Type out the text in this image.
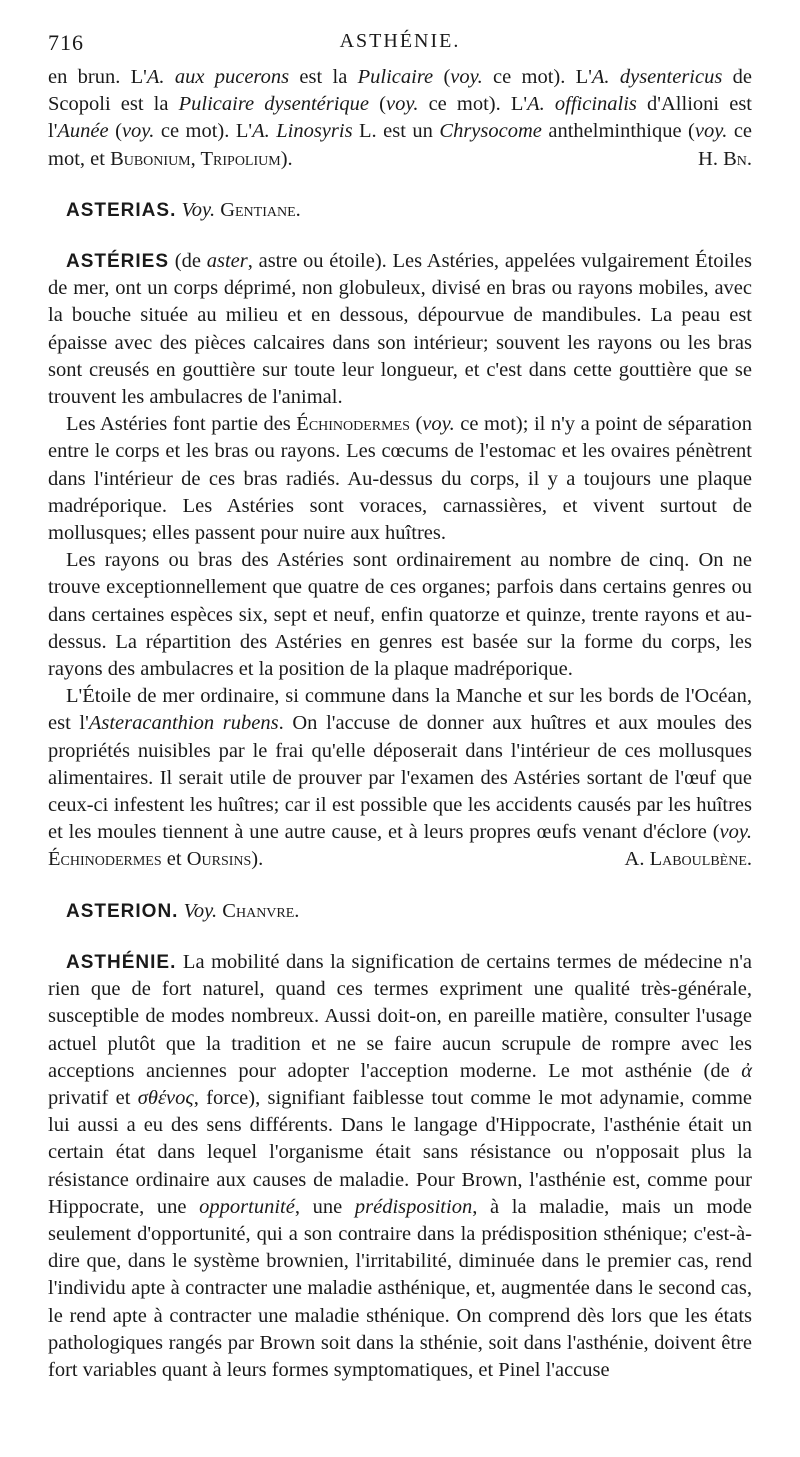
716	ASTHÉNIE.

en brun. L'A. aux pucerons est la Pulicaire (voy. ce mot). L'A. dysentericus de Scopoli est la Pulicaire dysentérique (voy. ce mot). L'A. officinalis d'Allioni est l'Aunée (voy. ce mot). L'A. Linosyris L. est un Chrysocome anthelminthique (voy. ce mot, et Bubonium, Tripolium).	H. Bn.

ASTERIAS. Voy. Gentiane.

ASTÉRIES (de aster, astre ou étoile). Les Astéries, appelées vulgairement Étoiles de mer, ont un corps déprimé, non globuleux, divisé en bras ou rayons mobiles, avec la bouche située au milieu et en dessous, dépourvue de mandibules. La peau est épaisse avec des pièces calcaires dans son intérieur; souvent les rayons ou les bras sont creusés en gouttière sur toute leur longueur, et c'est dans cette gouttière que se trouvent les ambulacres de l'animal.

Les Astéries font partie des Échinodermes (voy. ce mot); il n'y a point de séparation entre le corps et les bras ou rayons. Les cœcums de l'estomac et les ovaires pénètrent dans l'intérieur de ces bras radiés. Au-dessus du corps, il y a toujours une plaque madréporique. Les Astéries sont voraces, carnassières, et vivent surtout de mollusques; elles passent pour nuire aux huîtres.

Les rayons ou bras des Astéries sont ordinairement au nombre de cinq. On ne trouve exceptionnellement que quatre de ces organes; parfois dans certains genres ou dans certaines espèces six, sept et neuf, enfin quatorze et quinze, trente rayons et au-dessus. La répartition des Astéries en genres est basée sur la forme du corps, les rayons des ambulacres et la position de la plaque madréporique.

L'Étoile de mer ordinaire, si commune dans la Manche et sur les bords de l'Océan, est l'Asteracanthion rubens. On l'accuse de donner aux huîtres et aux moules des propriétés nuisibles par le frai qu'elle déposerait dans l'intérieur de ces mollusques alimentaires. Il serait utile de prouver par l'examen des Astéries sortant de l'œuf que ceux-ci infestent les huîtres; car il est possible que les accidents causés par les huîtres et les moules tiennent à une autre cause, et à leurs propres œufs venant d'éclore (voy. Échinodermes et Oursins).	A. Laboulbène.

ASTERION. Voy. Chanvre.

ASTHÉNIE. La mobilité dans la signification de certains termes de médecine n'a rien que de fort naturel, quand ces termes expriment une qualité très-générale, susceptible de modes nombreux. Aussi doit-on, en pareille matière, consulter l'usage actuel plutôt que la tradition et ne se faire aucun scrupule de rompre avec les acceptions anciennes pour adopter l'acception moderne. Le mot asthénie (de ἀ privatif et σθένος, force), signifiant faiblesse tout comme le mot adynamie, comme lui aussi a eu des sens différents. Dans le langage d'Hippocrate, l'asthénie était un certain état dans lequel l'organisme était sans résistance ou n'opposait plus la résistance ordinaire aux causes de maladie. Pour Brown, l'asthénie est, comme pour Hippocrate, une opportunité, une prédisposition, à la maladie, mais un mode seulement d'opportunité, qui a son contraire dans la prédisposition sthénique; c'est-à-dire que, dans le système brownien, l'irritabilité, diminuée dans le premier cas, rend l'individu apte à contracter une maladie asthénique, et, augmentée dans le second cas, le rend apte à contracter une maladie sthénique. On comprend dès lors que les états pathologiques rangés par Brown soit dans la sthénie, soit dans l'asthénie, doivent être fort variables quant à leurs formes symptomatiques, et Pinel l'accuse
